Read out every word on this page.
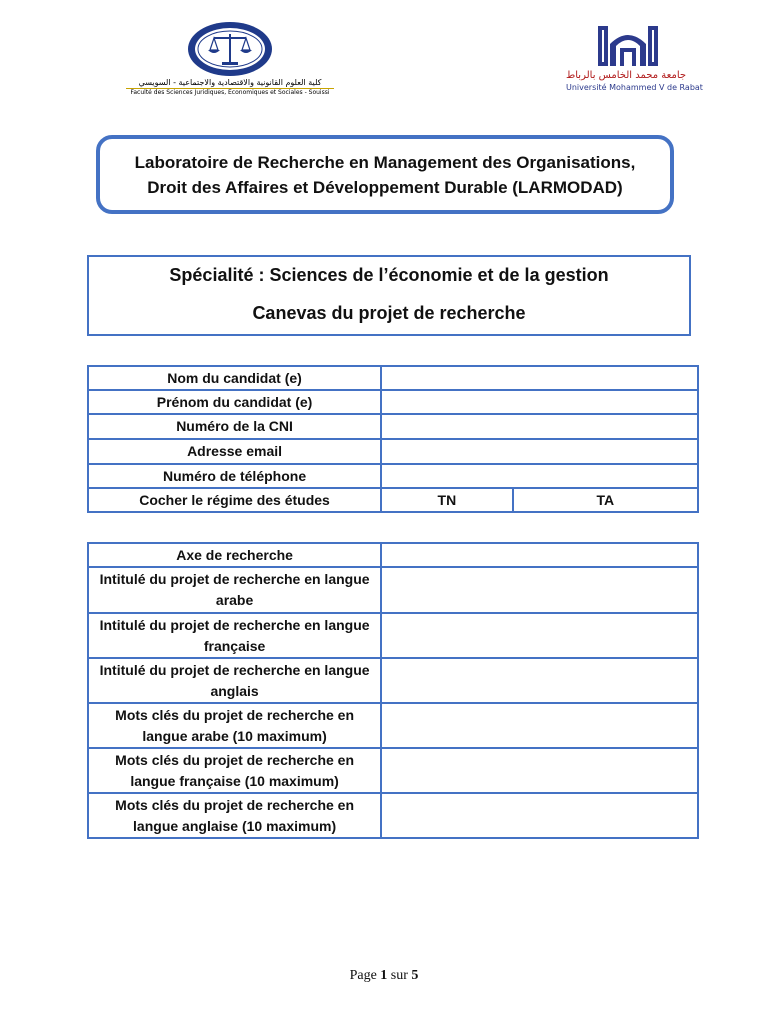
كلية العلوم القانونية والاقتصادية والاجتماعية - السويسي
Faculté des Sciences Juridiques, Economiques et Sociales - Souissi
جامعة محمد الخامس بالرباط
Université Mohammed V de Rabat
Laboratoire de Recherche en Management des Organisations,
Droit des Affaires et Développement Durable (LARMODAD)
Spécialité : Sciences de l’économie et de la gestion
Canevas du projet de recherche
Nom du candidat (e)		
Prénom du candidat (e)		
Numéro de la CNI		
Adresse email		
Numéro de téléphone		
Cocher le régime des études	TN	TA
Axe de recherche	
Intitulé du projet de recherche en langue arabe	
Intitulé du projet de recherche en langue française	
Intitulé du projet de recherche en langue anglais	
Mots clés du projet de recherche en langue arabe (10 maximum)	
Mots clés du projet de recherche en langue française (10 maximum)	
Mots clés du projet de recherche en langue anglaise (10 maximum)	
Page 1 sur 5
